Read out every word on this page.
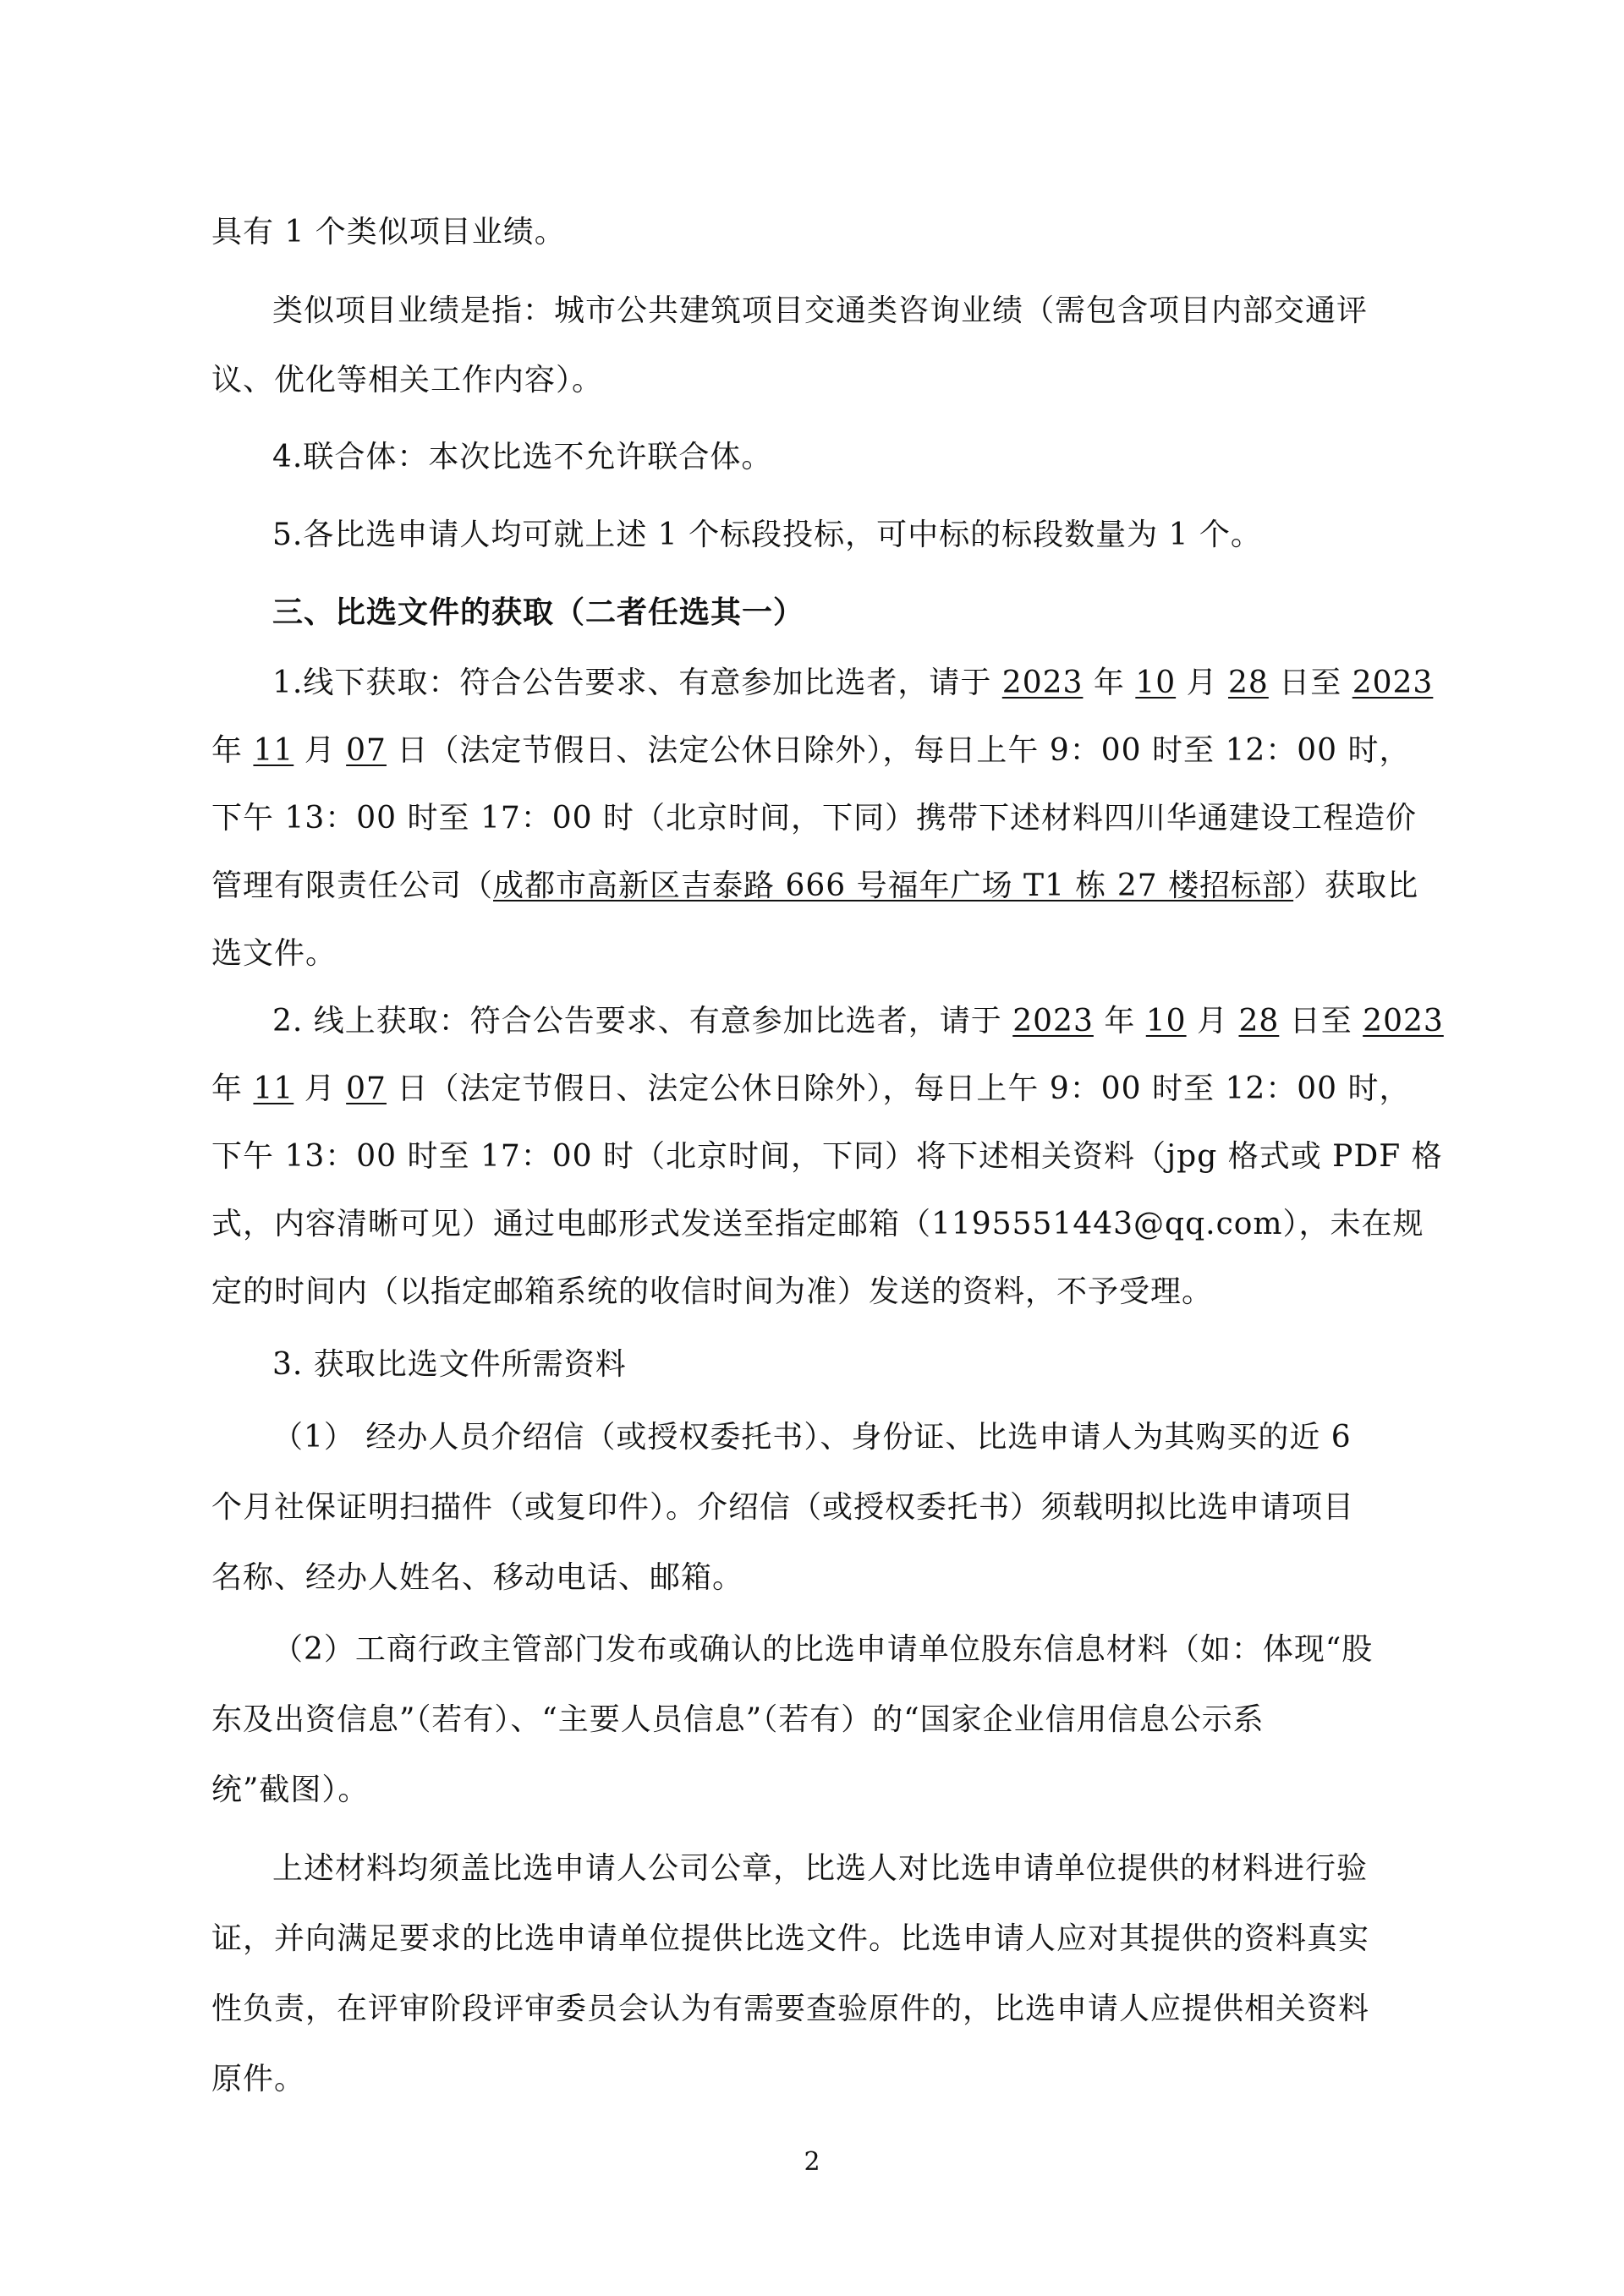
具有 1 个类似项目业绩。
类似项目业绩是指：城市公共建筑项目交通类咨询业绩（需包含项目内部交通评
议、优化等相关工作内容）。
4.联合体：本次比选不允许联合体。
5.各比选申请人均可就上述 1 个标段投标，可中标的标段数量为 1 个。
三、比选文件的获取（二者任选其一）
1.线下获取：符合公告要求、有意参加比选者，请于 2023 年 10 月 28 日至 2023
年 11 月 07 日（法定节假日、法定公休日除外），每日上午 9：00 时至 12：00 时，
下午 13：00 时至 17：00 时（北京时间，下同）携带下述材料四川华通建设工程造价
管理有限责任公司（成都市高新区吉泰路 666 号福年广场 T1 栋 27 楼招标部）获取比
选文件。
2. 线上获取：符合公告要求、有意参加比选者，请于 2023 年 10 月 28 日至 2023
年 11 月 07 日（法定节假日、法定公休日除外），每日上午 9：00 时至 12：00 时，
下午 13：00 时至 17：00 时（北京时间，下同）将下述相关资料（jpg 格式或 PDF 格
式，内容清晰可见）通过电邮形式发送至指定邮箱（1195551443@qq.com），未在规
定的时间内（以指定邮箱系统的收信时间为准）发送的资料，不予受理。
3. 获取比选文件所需资料
（1） 经办人员介绍信（或授权委托书）、身份证、比选申请人为其购买的近 6
个月社保证明扫描件（或复印件）。介绍信（或授权委托书）须载明拟比选申请项目
名称、经办人姓名、移动电话、邮箱。
（2）工商行政主管部门发布或确认的比选申请单位股东信息材料（如：体现“股
东及出资信息”（若有）、“主要人员信息”（若有）的“国家企业信用信息公示系
统”截图）。
上述材料均须盖比选申请人公司公章，比选人对比选申请单位提供的材料进行验
证，并向满足要求的比选申请单位提供比选文件。比选申请人应对其提供的资料真实
性负责，在评审阶段评审委员会认为有需要查验原件的，比选申请人应提供相关资料
原件。
2
